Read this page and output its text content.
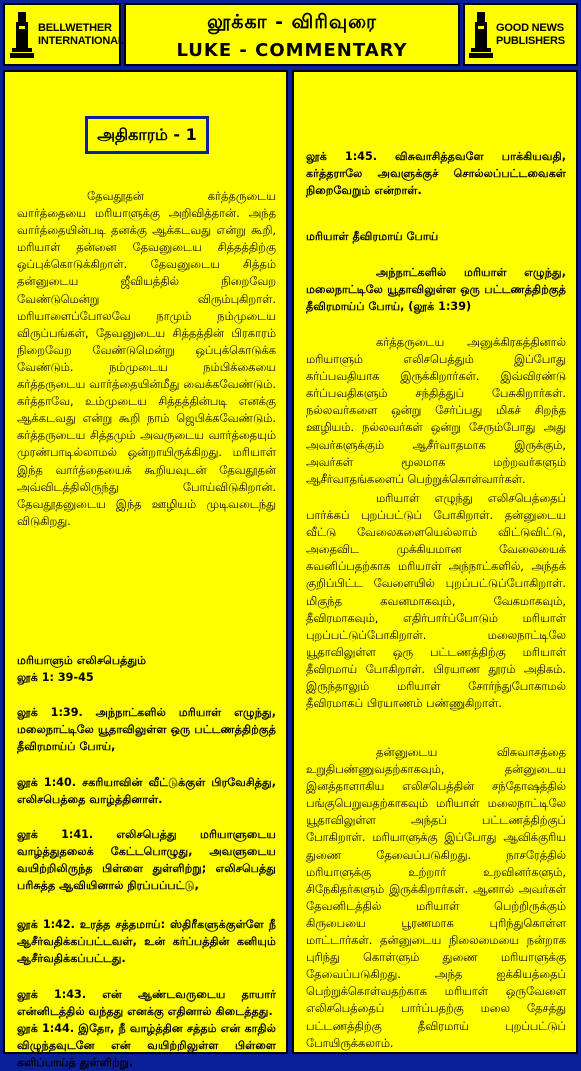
BELLWETHER
INTERNATIONAL
லூக்கா - விரிவுரை
LUKE - COMMENTARY
GOOD NEWS
PUBLISHERS
அதிகாரம் - 1

தேவதூதன் கர்த்தருடைய வார்த்தையை மரியாளுக்கு அறிவித்தான். அந்த வார்த்தையின்படி தனக்கு ஆக்கடவது என்று கூறி, மரியாள் தன்னை தேவனுடைய சித்தத்திற்கு ஒப்புக்கொடுக்கிறாள். தேவனுடைய சித்தம் தன்னுடைய ஜீவியத்தில் நிறைவேற வேண்டுமென்று விரும்புகிறாள். மரியாளைப்போலவே நாமும் நம்முடைய விருப்பங்கள், தேவனுடைய சித்தத்தின் பிரகாரம் நிறைவேற வேண்டுமென்று ஒப்புக்கொடுக்க வேண்டும். நம்முடைய நம்பிக்கையை கர்த்தருடைய வார்த்தையின்மீது வைக்கவேண்டும். கர்த்தாவே, உம்முடைய சித்தத்தின்படி எனக்கு ஆக்கடவது என்று கூறி நாம் ஜெபிக்கவேண்டும். கர்த்தருடைய சித்தமும் அவருடைய வார்த்தையும் முரண்பாடில்லாமல் ஒன்றாயிருக்கிறது. மரியாள் இந்த வார்த்தையைக் கூறியவுடன் தேவதூதன் அவ்விடத்திலிருந்து போய்விடுகிறான். தேவதூதனுடைய இந்த ஊழியம் முடிவடைந்து விடுகிறது.

மரியாளும் எலிசபெத்தும்

லூக் 1: 39-45

லூக் 1:39. அந்நாட்களில் மரியாள் எழுந்து, மலைநாட்டிலே யூதாவிலுள்ள ஒரு பட்டணத்திற்குத் தீவிரமாய்ப் போய்,

லூக் 1:40. சகரியாவின் வீட்டுக்குள் பிரவேசித்து, எலிசபெத்தை வாழ்த்தினாள்.

லூக் 1:41. எலிசபெத்து மரியாளுடைய வாழ்த்துதலைக் கேட்டபொழுது, அவளுடைய வயிற்றிலிருந்த பிள்ளை துள்ளிற்று; எலிசபெத்து பரிசுத்த ஆவியினால் நிரப்பப்பட்டு,

லூக் 1:42. உரத்த சத்தமாய்: ஸ்திரீகளுக்குள்ளே நீ ஆசீர்வதிக்கப்பட்டவள், உன் கர்ப்பத்தின் கனியும் ஆசீர்வதிக்கப்பட்டது.

லூக் 1:43. என் ஆண்டவருடைய தாயார் என்னிடத்தில் வந்தது எனக்கு எதினால் கிடைத்தது.

லூக் 1:44. இதோ, நீ வாழ்த்தின சத்தம் என் காதில் விழுந்தவுடனே என் வயிற்றிலுள்ள பிள்ளை களிப்பாய்த் துள்ளிற்று.

லூக் 1:45. விசுவாசித்தவளே பாக்கியவதி, கர்த்தராலே அவளுக்குச் சொல்லப்பட்டவைகள் நிறைவேறும் என்றாள்.

மரியாள் தீவிரமாய் போய்

அந்நாட்களில் மரியாள் எழுந்து, மலைநாட்டிலே யூதாவிலுள்ள ஒரு பட்டணத்திற்குத் தீவிரமாய்ப் போய், (லூக் 1:39)

கர்த்தருடைய அனுக்கிரகத்தினால் மரியாளும் எலிசபெத்தும் இப்போது கர்ப்பவதியாக இருக்கிறார்கள். இவ்விரண்டு கர்ப்பவதிகளும் சந்தித்துப் பேசுகிறார்கள். நல்லவர்களை ஒன்று சேர்ப்பது மிகச் சிறந்த ஊழியம். நல்லவர்கள் ஒன்று சேரும்போது அது அவர்களுக்கும் ஆசீர்வாதமாக இருக்கும், அவர்கள் மூலமாக மற்றவர்களும் ஆசீர்வாதங்களைப் பெற்றுக்கொள்வார்கள்.

மரியாள் எழுந்து எலிசபெத்தைப் பார்க்கப் புறப்பட்டுப் போகிறாள். தன்னுடைய வீட்டு வேலைகளையெல்லாம் விட்டுவிட்டு, அதைவிட முக்கியமான வேலையைக் கவனிப்பதற்காக மரியாள் அந்நாட்களில், அந்தக் குறிப்பிட்ட வேளையில் புறப்பட்டுப்போகிறாள். மிகுந்த கவனமாகவும், வேகமாகவும், தீவிரமாகவும், எதிர்பார்ப்போடும் மரியாள் புறப்பட்டுப்போகிறாள். மலைநாட்டிலே யூதாவிலுள்ள ஒரு பட்டணத்திற்கு மரியாள் தீவிரமாய் போகிறாள். பிரயாண தூரம் அதிகம். இருந்தாலும் மரியாள் சோர்ந்துபோகாமல் தீவிரமாகப் பிரயாணம் பண்ணுகிறாள்.

தன்னுடைய விசுவாசத்தை உறுதிபண்ணுவதற்காகவும், தன்னுடைய இனத்தாளாகிய எலிசபெத்தின் சந்தோஷத்தில் பங்குபெறுவதற்காகவும் மரியாள் மலைநாட்டிலே யூதாவிலுள்ள அந்தப் பட்டணத்திற்குப் போகிறாள். மரியாளுக்கு இப்போது ஆவிக்குரிய துணை தேவைப்படுகிறது. நாசரேத்தில் மரியாளுக்கு உற்றார் உறவினர்களும், சிநேகிதர்களும் இருக்கிறார்கள். ஆனால் அவர்கள் தேவனிடத்தில் மரியாள் பெற்றிருக்கும் கிருபையை பூரணமாக புரிந்துகொள்ள மாட்டார்கள். தன்னுடைய நிலைமையை நன்றாக புரிந்து கொள்ளும் துணை மரியாளுக்கு தேவைப்படுகிறது. அந்த ஐக்கியத்தைப் பெற்றுக்கொள்வதற்காக மரியாள் ஒருவேளை எலிசபெத்தைப் பார்ப்பதற்கு மலை தேசத்து பட்டணத்திற்கு தீவிரமாய் புறப்பட்டுப் போயிருக்கலாம்.
